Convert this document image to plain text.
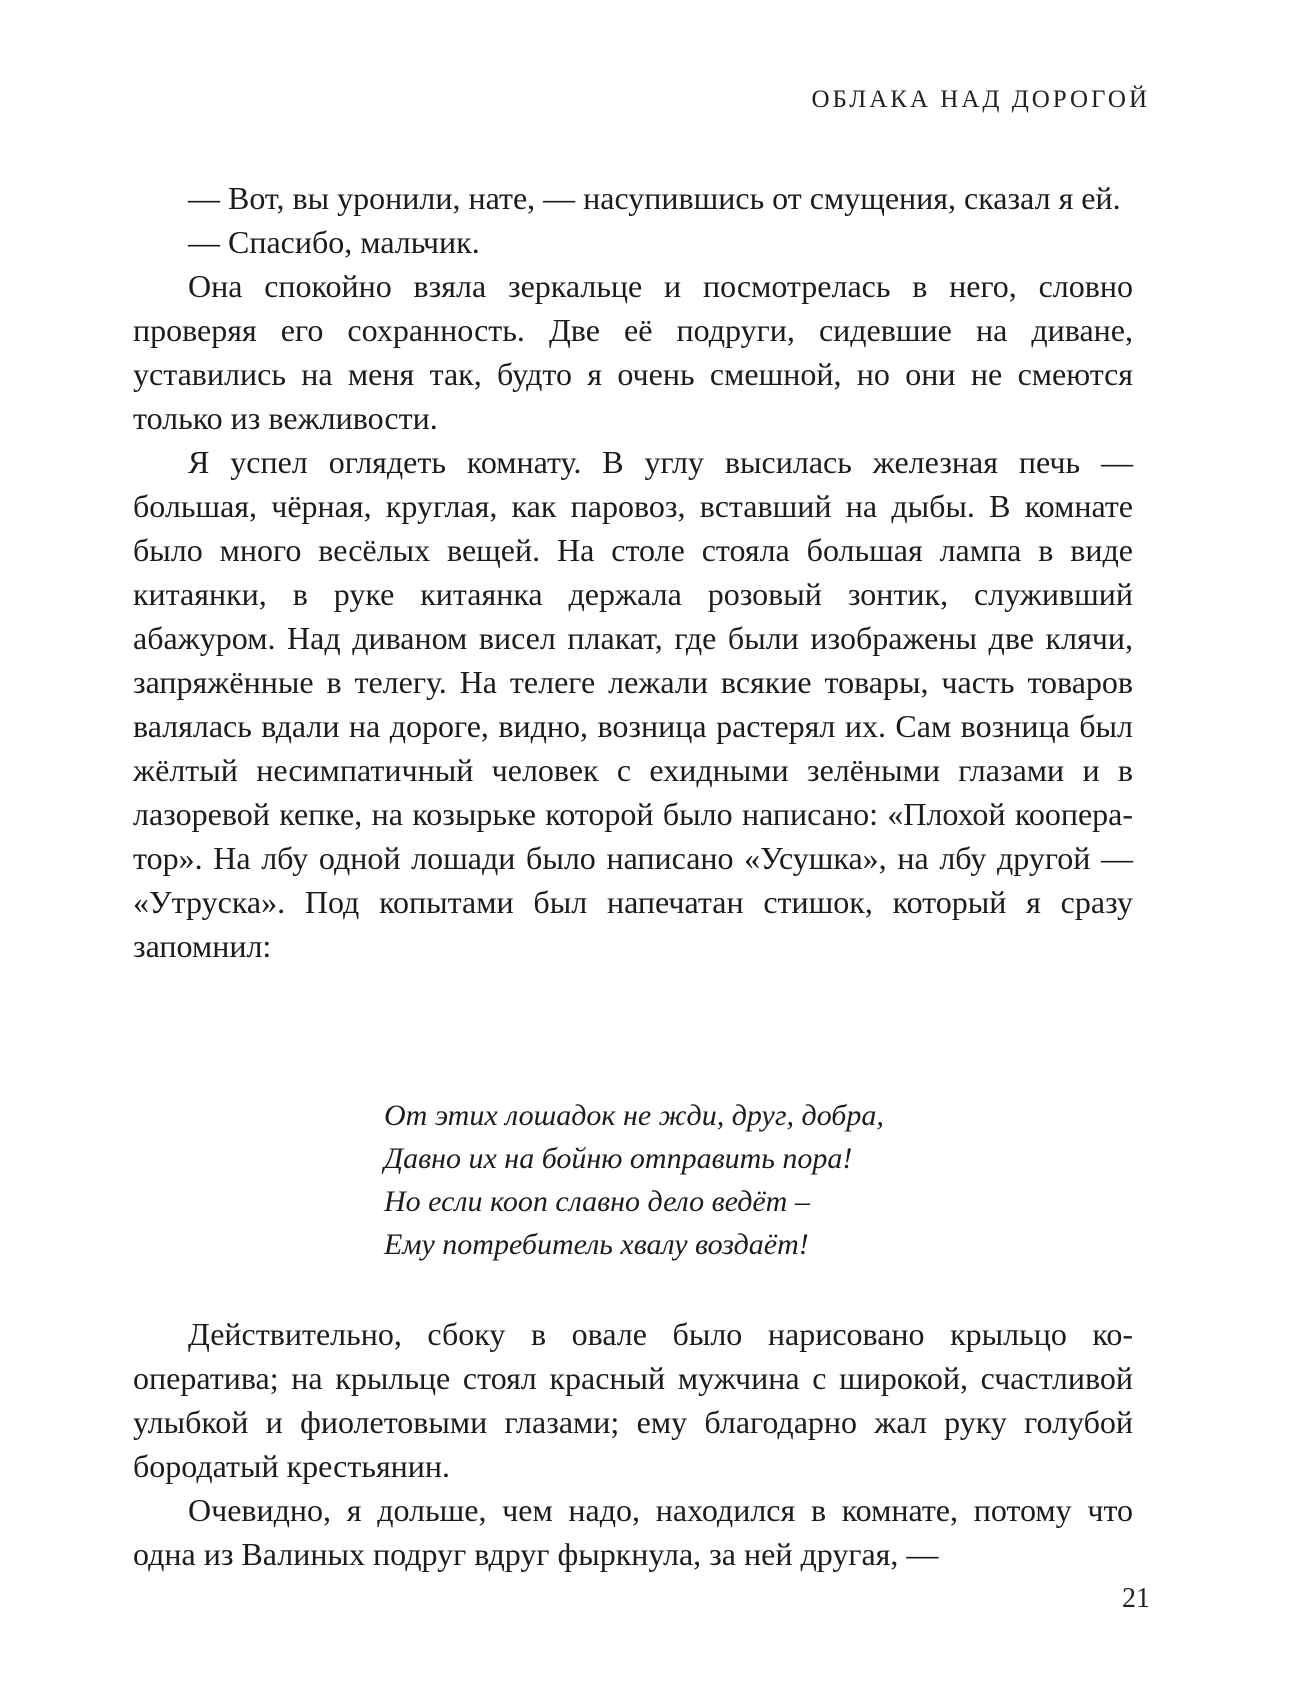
ОБЛАКА НАД ДОРОГОЙ

— Вот, вы уронили, нате, — насупившись от смущения, сказал я ей.

— Спасибо, мальчик.

Она спокойно взяла зеркальце и посмотрелась в него, словно проверяя его сохранность. Две её подруги, сидевшие на диване, уставились на меня так, будто я очень смешной, но они не смеются только из вежливости.

Я успел оглядеть комнату. В углу высилась железная печь — большая, чёрная, круглая, как паровоз, вставший на дыбы. В комнате было много весёлых вещей. На столе стояла большая лампа в виде китаянки, в руке китаянка держала розовый зонтик, служивший абажуром. Над диваном висел плакат, где были изображены две клячи, запряжённые в телегу. На телеге лежали всякие товары, часть товаров валялась вдали на дороге, видно, возница растерял их. Сам возница был жёлтый несимпатичный человек с ехидными зелёными глазами и в лазоревой кепке, на козырьке которой было написано: «Плохой кооператор». На лбу одной лошади было написано «Усушка», на лбу другой — «Утруска». Под копытами был напечатан стишок, который я сразу запомнил:

От этих лошадок не жди, друг, добра,
Давно их на бойню отправить пора!
Но если кооп славно дело ведёт –
Ему потребитель хвалу воздаёт!

Действительно, сбоку в овале было нарисовано крыльцо кооператива; на крыльце стоял красный мужчина с широкой, счастливой улыбкой и фиолетовыми глазами; ему благодарно жал руку голубой бородатый крестьянин.

Очевидно, я дольше, чем надо, находился в комнате, потому что одна из Валиных подруг вдруг фыркнула, за ней другая, —

21
